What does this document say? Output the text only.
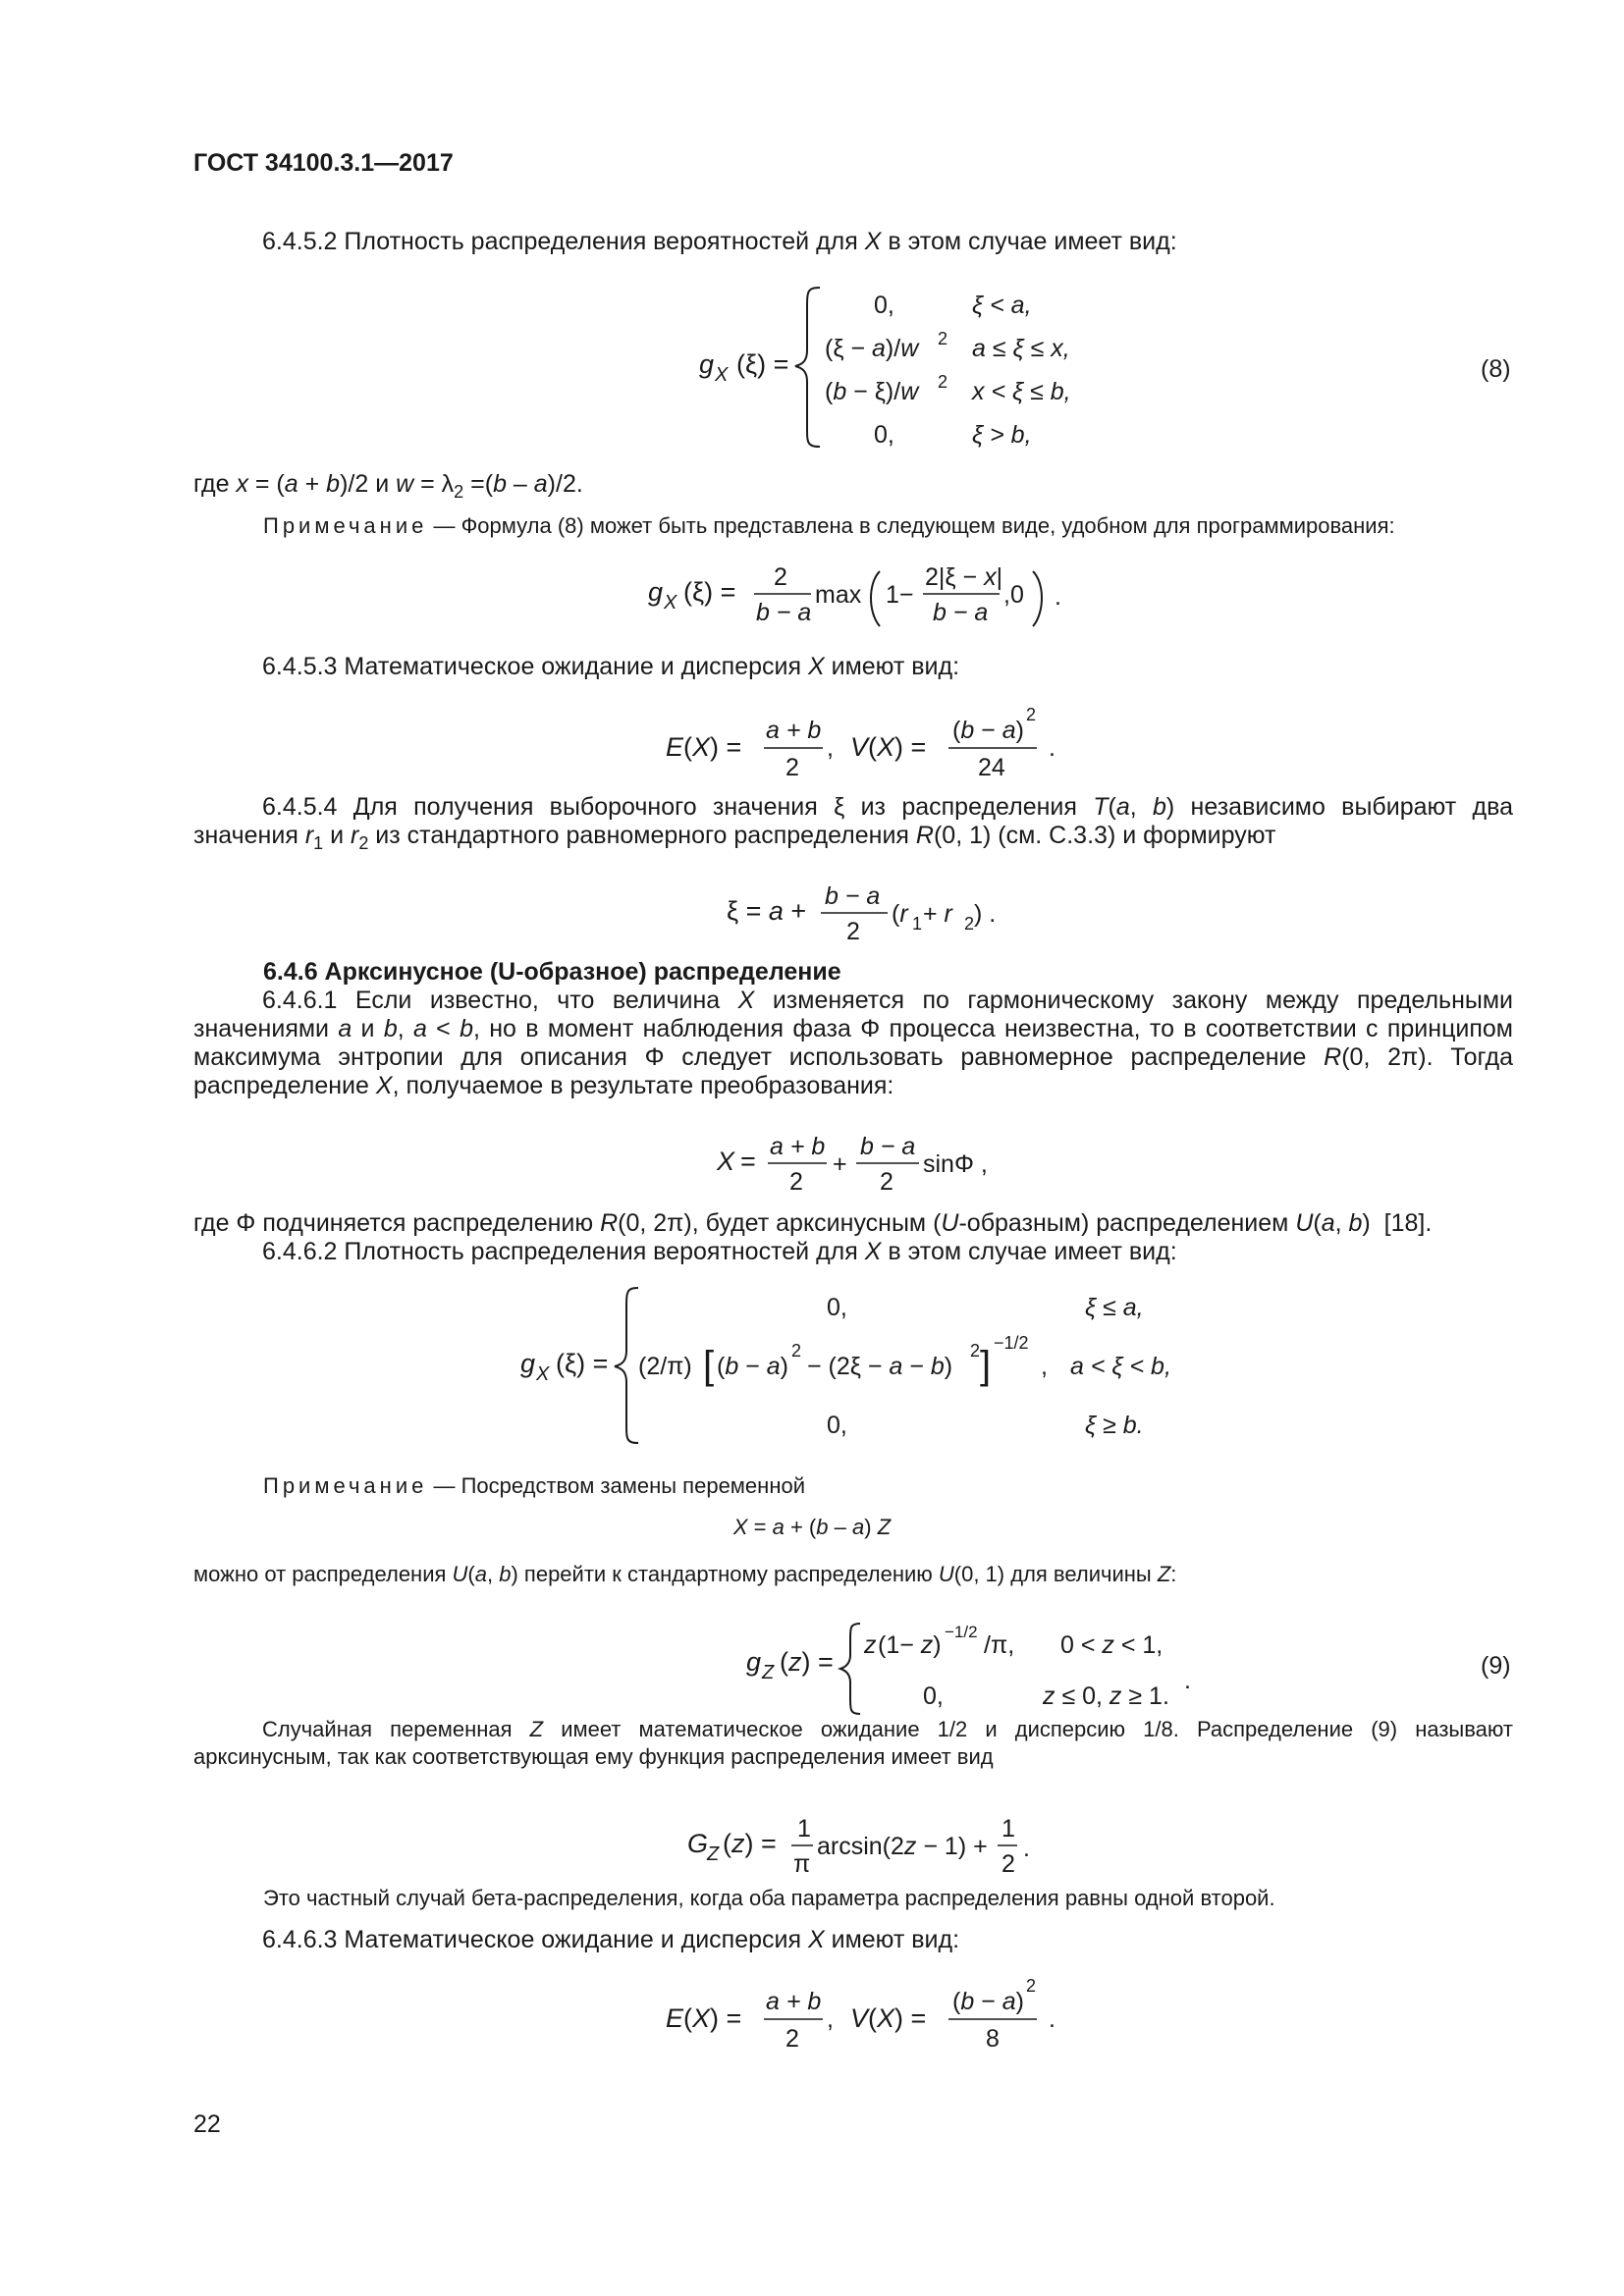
ГОСТ 34100.3.1—2017
6.4.5.2 Плотность распределения вероятностей для X в этом случае имеет вид:
g X (ξ) =
0,	ξ < a,
(ξ − a)/w 2 a ≤ ξ ≤ x,
(b − ξ)/w 2 x < ξ ≤ b,
0,	ξ > b,
(8)
где x = (a + b)/2 и $w = \lambda_2 =(b - a)/2$.
Примечание — Формула (8) может быть представлена в следующем виде, удобном для программирования:
g X (ξ) = 2
b − a
max 1−
2|ξ − x|
b − a
,0 .
6.4.5.3 Математическое ожидание и дисперсия X имеют вид:
E (X) =
a + b
2
, V (X) =
(b − a)
2
24
.
6.4.5.4 Для получения выборочного значения ξ из распределения T(a, b) независимо выбирают два значения $r_1$ и $r_2$ из стандартного равномерного распределения R(0, 1) (см. С.3.3) и формируют
ξ = a + b − a
2
(r 1 + r 2 ) .
6.4.6 Арксинусное (U-образное) распределение
6.4.6.1 Если известно, что величина X изменяется по гармоническому закону между предельными значениями a и b, a < b, но в момент наблюдения фаза Φ процесса неизвестна, то в соответствии с принципом максимума энтропии для описания Φ следует использовать равномерное распределение R(0, 2π). Тогда распределение X, получаемое в результате преобразования:
X = a + b
2
+
b − a
2
sinΦ ,
где Φ подчиняется распределению R(0, 2π), будет арксинусным (U-образным) распределением U(a, b)  [18].
6.4.6.2 Плотность распределения вероятностей для X в этом случае имеет вид:
g X (ξ) =
0,	ξ ≤ a,
(2/π) [ (b − a)
2
− (2ξ − a − b)
2 ]
−1/2
, a < ξ < b,
0,	ξ ≥ b.
Примечание — Посредством замены переменной
X = a + (b – a) Z
можно от распределения U(a, b) перейти к стандартному распределению U(0, 1) для величины Z:
g Z (z) =
z (1− z) −1/2 /π, 0 < z < 1,
0,	z ≤ 0, z ≥ 1.
.
(9)
Случайная переменная Z имеет математическое ожидание 1/2 и дисперсию 1/8. Распределение (9) называют арксинусным, так как соответствующая ему функция распределения имеет вид
G
Z (z) = 1
π
arcsin(2z − 1) +
1
2
.
Это частный случай бета-распределения, когда оба параметра распределения равны одной второй.
6.4.6.3 Математическое ожидание и дисперсия X имеют вид:
E (X) =
a + b
2
, V (X) =
(b − a)
2
8
.
22
